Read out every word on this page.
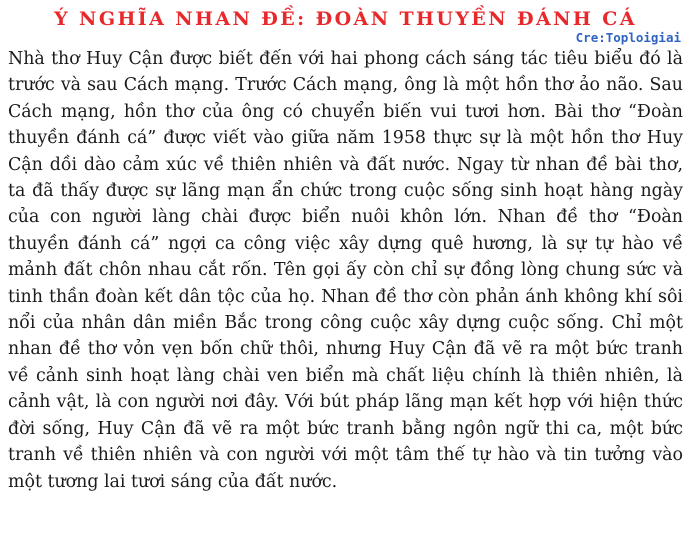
Ý NGHĨA NHAN ĐỀ: ĐOÀN THUYỀN ĐÁNH CÁ
Cre:Toploigiai

Nhà thơ Huy Cận được biết đến với hai phong cách sáng tác tiêu biểu đó là trước và sau Cách mạng. Trước Cách mạng, ông là một hồn thơ ảo não. Sau Cách mạng, hồn thơ của ông có chuyển biến vui tươi hơn. Bài thơ “Đoàn thuyền đánh cá” được viết vào giữa năm 1958 thực sự là một hồn thơ Huy Cận dồi dào cảm xúc về thiên nhiên và đất nước. Ngay từ nhan đề bài thơ, ta đã thấy được sự lãng mạn ẩn chức trong cuộc sống sinh hoạt hàng ngày của con người làng chài được biển nuôi khôn lớn. Nhan đề thơ “Đoàn thuyền đánh cá” ngợi ca công việc xây dựng quê hương, là sự tự hào về mảnh đất chôn nhau cắt rốn. Tên gọi ấy còn chỉ sự đồng lòng chung sức và tinh thần đoàn kết dân tộc của họ. Nhan đề thơ còn phản ánh không khí sôi nổi của nhân dân miền Bắc trong công cuộc xây dựng cuộc sống. Chỉ một nhan đề thơ vỏn vẹn bốn chữ thôi, nhưng Huy Cận đã vẽ ra một bức tranh về cảnh sinh hoạt làng chài ven biển mà chất liệu chính là thiên nhiên, là cảnh vật, là con người nơi đây. Với bút pháp lãng mạn kết hợp với hiện thức đời sống, Huy Cận đã vẽ ra một bức tranh bằng ngôn ngữ thi ca, một bức tranh về thiên nhiên và con người với một tâm thế tự hào và tin tưởng vào một tương lai tươi sáng của đất nước.
